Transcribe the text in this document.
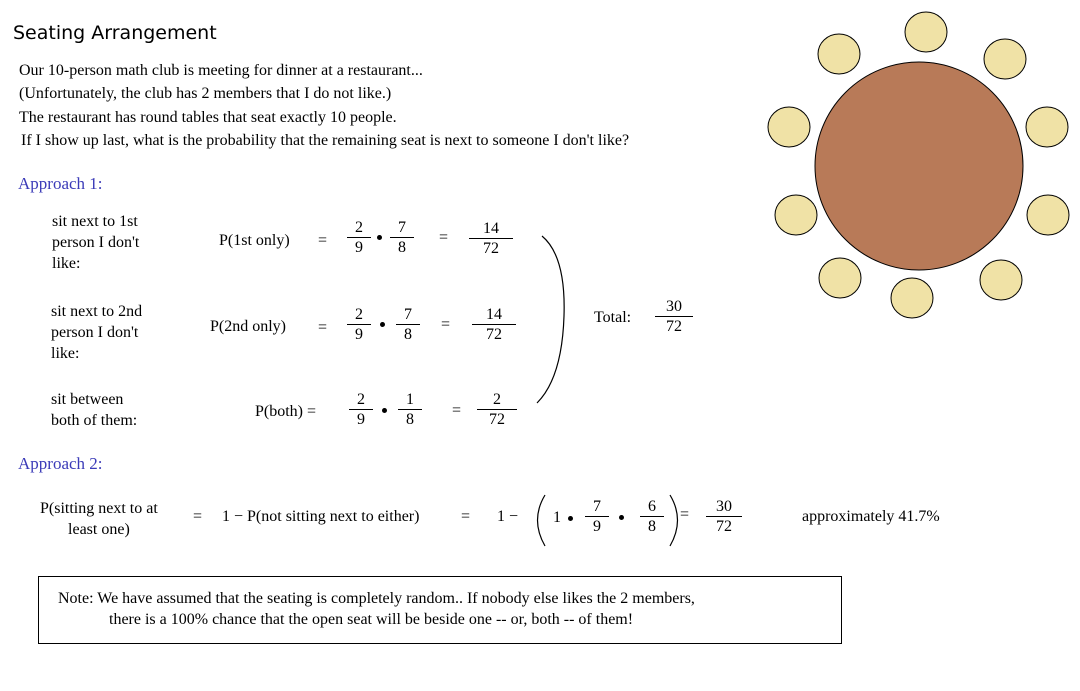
Seating Arrangement
Our 10-person math club is meeting for dinner at a restaurant...
(Unfortunately, the club has 2 members that I do not like.)
The restaurant has round tables that seat exactly 10 people.
If I show up last, what is the probability that the remaining seat is next to someone I don't like?
Approach 1:
sit next to 1st
person I don't
like:
P(1st only) =
2
9
7
8
=
14
72
sit next to 2nd
person I don't
like:
P(2nd only) =
2
9
7
8
=
14
72
sit between
both of them:
P(both) =
2
9
1
8
=
2
72
Total:
30
72
Approach 2:
P(sitting next to at
least one)
= 1 − P(not sitting next to either)	= 1 − 1
7
9
6
8
=	30
72
approximately 41.7%
Note: We have assumed that the seating is completely random.. If nobody else likes the 2 members,
there is a 100% chance that the open seat will be beside one -- or, both -- of them!
